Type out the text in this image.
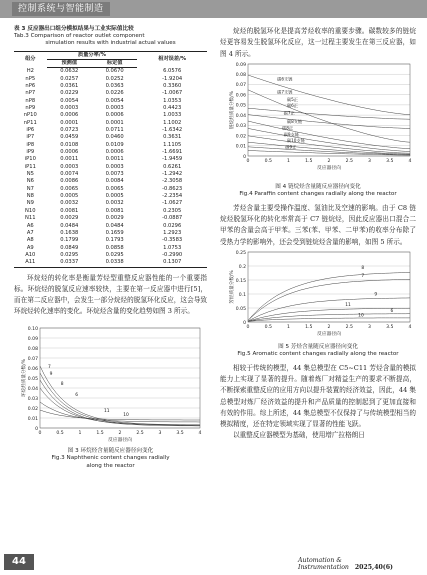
控制系统与智能制造
表 3 反应器出口组分模拟结果与工业实际值比较
Tab.3 Comparison of reactor outlet component
simulation results with industrial actual values
组分	质量分率/%		相对误差/%
	预测值	标定值	
H2	0.0632	0.0670	6.0576
nP5	0.0257	0.0252	-1.9204
nP6	0.0361	0.0363	0.3360
nP7	0.0229	0.0226	-1.0067
nP8	0.0054	0.0054	1.0353
nP9	0.0003	0.0003	0.4423
nP10	0.0006	0.0006	1.0033
nP11	0.0001	0.0001	1.1002
iP6	0.0723	0.0711	-1.6342
iP7	0.0459	0.0460	0.3631
iP8	0.0108	0.0109	1.1105
iP9	0.0006	0.0006	-1.6691
iP10	0.0011	0.0011	-1.9459
iP11	0.0003	0.0003	0.6261
N5	0.0074	0.0073	-1.2942
N6	0.0086	0.0084	-2.3058
N7	0.0065	0.0065	-0.8623
N8	0.0005	0.0005	-2.2354
N9	0.0032	0.0032	-1.0627
N10	0.0081	0.0081	0.2305
N11	0.0029	0.0029	-0.0887
A6	0.0484	0.0484	0.0296
A7	0.1638	0.1659	1.2923
A8	0.1799	0.1793	-0.3583
A9	0.0849	0.0858	1.0753
A10	0.0295	0.0295	-0.2990
A11	0.0337	0.0338	0.1307
环烷烃的转化率是衡量芳烃型重整反应器性能的一个重要指标。环烷烃的脱氢反应速率较快，主要在第一反应器中进行[5]，而在第二反应器中，会发生一部分烷烃的脱氢环化反应，这会导致环烷烃转化速率的变化。环烷烃含量的变化趋势如图 3 所示。
0.10
0.09
0.08
0.07
0.06
0.05
0.04
0.03
0.02
0.01
0
0	0.5	1	1.5	2	2.5	3	3.5	4
环烷烃质量分数/%
反应器径向
7
9
8
6
11
10
图 3 环烷烃含量随反应器径向变化
Fig.3 Naphthenic content changes radially
along the reactor
烷烃的脱氢环化是提高芳烃收率的重要步骤。碳数较多的链烷烃更容易发生脱氢环化反应，这一过程主要发生在第三反应器，如图 4 所示。
0.09
0.08
0.07
0.06
0.05
0.04
0.03
0.02
0.01
0
0	0.5	1	1.5	2	2.5	3	3.5	4
链烷烃质量分数/%
反应器径向
碳6支链
碳7支链
碳5正
碳6正
碳7正
碳8支链
碳8正
碳9支链
碳10支链
碳9正
图 4 链烷烃含量随反应器径向变化
Fig.4 Paraffin content changes radially along the reactor
芳烃含量主要受操作温度、氢油比及空速的影响。由于 C8 链烷烃脱氢环化的转化率常高于 C7 链烷烃，因此反应器出口混合二甲苯的含量会高于甲苯。三苯(苯、甲苯、二甲苯)的收率分布除了受热力学的影响外，还会受到链烷烃含量的影响，如图 5 所示。
0.25
0.2
0.15
0.1
0.05
0
0	0.5	1	1.5	2	2.5	3	3.5	4
芳烃质量分数/%
反应器径向
8
7
9
11
6
10
图 5 芳烃含量随反应器径向变化
Fig.5 Aromatic content changes radially along the reactor
相较于传统的模型，44 集总模型在 C5~C11 芳烃含量的模拟能力上实现了显著的提升。随着炼厂对精益生产的要求不断提高，不断探索重整反应的应用方向以提升装置的经济效益，因此，44 集总模型对炼厂经济效益的提升和产品质量的控制起到了更加直接和有效的作用。综上所述，44 集总模型不仅保持了与传统模型相当的模拟精度，还在特定领域实现了显著的性能飞跃。
以重整反应器模型为基础，使用增广拉格朗日
44	Automation & Instrumentation 2025,40(6)
